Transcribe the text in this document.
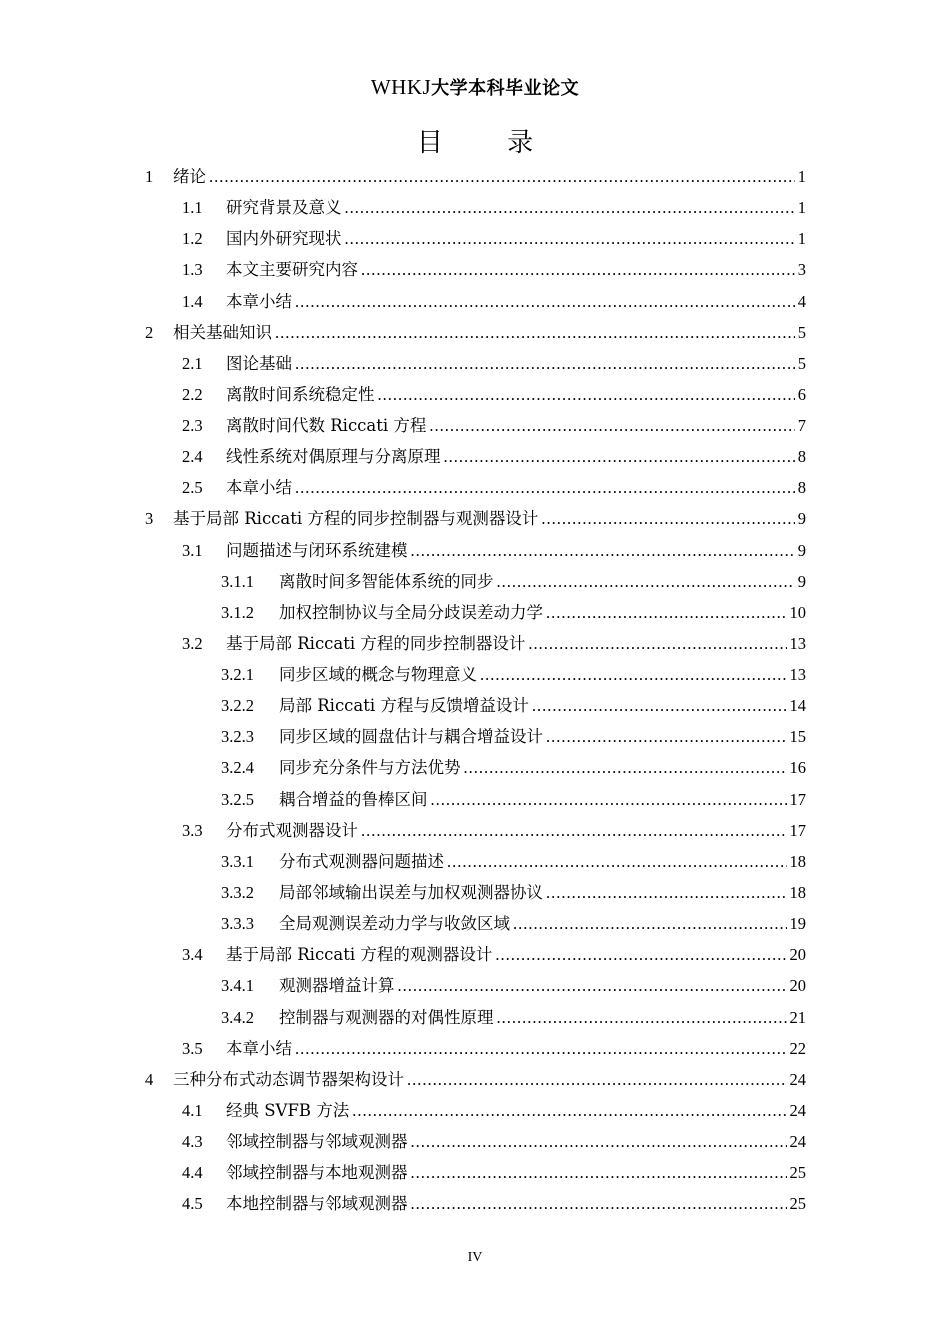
WHKJ大学本科毕业论文
目 录
1	绪论 .....	1
1.1	研究背景及意义 .....	1
1.2	国内外研究现状 .....	1
1.3	本文主要研究内容 .....	3
1.4	本章小结 .....	4
2	相关基础知识 .....	5
2.1	图论基础 .....	5
2.2	离散时间系统稳定性 .....	6
2.3	离散时间代数 Riccati 方程 .....	7
2.4	线性系统对偶原理与分离原理 .....	8
2.5	本章小结 .....	8
3	基于局部 Riccati 方程的同步控制器与观测器设计 .....	9
3.1	问题描述与闭环系统建模 .....	9
3.1.1	离散时间多智能体系统的同步 .....	9
3.1.2	加权控制协议与全局分歧误差动力学 .....	10
3.2	基于局部 Riccati 方程的同步控制器设计 .....	13
3.2.1	同步区域的概念与物理意义 .....	13
3.2.2	局部 Riccati 方程与反馈增益设计 .....	14
3.2.3	同步区域的圆盘估计与耦合增益设计 .....	15
3.2.4	同步充分条件与方法优势 .....	16
3.2.5	耦合增益的鲁棒区间 .....	17
3.3	分布式观测器设计 .....	17
3.3.1	分布式观测器问题描述 .....	18
3.3.2	局部邻域输出误差与加权观测器协议 .....	18
3.3.3	全局观测误差动力学与收敛区域 .....	19
3.4	基于局部 Riccati 方程的观测器设计 .....	20
3.4.1	观测器增益计算 .....	20
3.4.2	控制器与观测器的对偶性原理 .....	21
3.5	本章小结 .....	22
4	三种分布式动态调节器架构设计 .....	24
4.1	经典 SVFB 方法 .....	24
4.3	邻域控制器与邻域观测器 .....	24
4.4	邻域控制器与本地观测器 .....	25
4.5	本地控制器与邻域观测器 .....	25
IV
